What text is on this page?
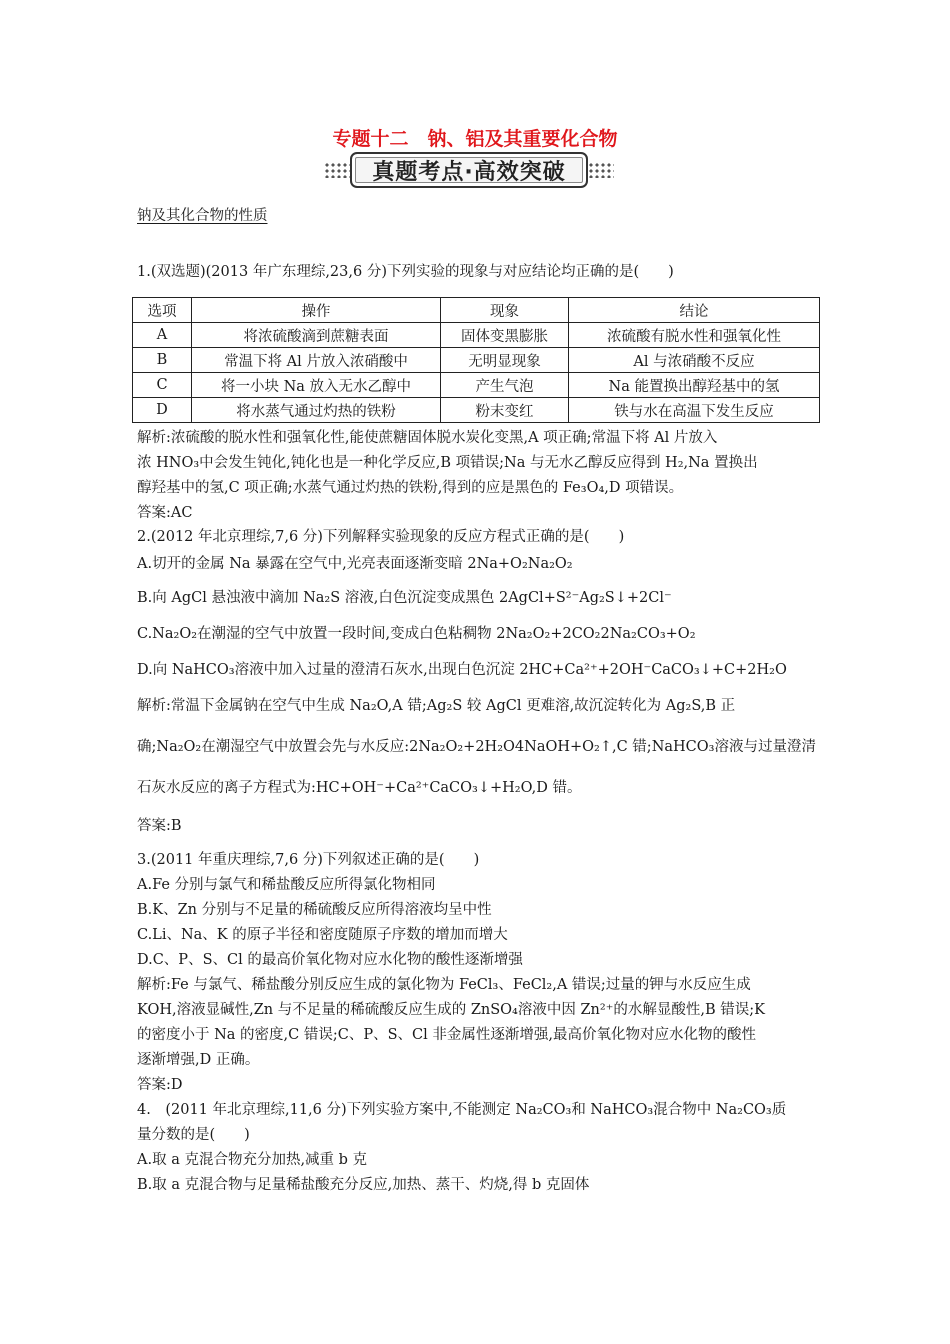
专题十二　钠、铝及其重要化合物
真题考点·高效突破
钠及其化合物的性质
1.(双选题)(2013 年广东理综,23,6 分)下列实验的现象与对应结论均正确的是(　　)
选项	操作	现象	结论
A	将浓硫酸滴到蔗糖表面	固体变黑膨胀	浓硫酸有脱水性和强氧化性
B	常温下将 Al 片放入浓硝酸中	无明显现象	Al 与浓硝酸不反应
C	将一小块 Na 放入无水乙醇中	产生气泡	Na 能置换出醇羟基中的氢
D	将水蒸气通过灼热的铁粉	粉末变红	铁与水在高温下发生反应
解析:浓硫酸的脱水性和强氧化性,能使蔗糖固体脱水炭化变黑,A 项正确;常温下将 Al 片放入
浓 HNO₃中会发生钝化,钝化也是一种化学反应,B 项错误;Na 与无水乙醇反应得到 H₂,Na 置换出
醇羟基中的氢,C 项正确;水蒸气通过灼热的铁粉,得到的应是黑色的 Fe₃O₄,D 项错误。
答案:AC
2.(2012 年北京理综,7,6 分)下列解释实验现象的反应方程式正确的是(　　)
A.切开的金属 Na 暴露在空气中,光亮表面逐渐变暗 2Na+O₂Na₂O₂
B.向 AgCl 悬浊液中滴加 Na₂S 溶液,白色沉淀变成黑色 2AgCl+S²⁻Ag₂S↓+2Cl⁻
C.Na₂O₂在潮湿的空气中放置一段时间,变成白色粘稠物 2Na₂O₂+2CO₂2Na₂CO₃+O₂
D.向 NaHCO₃溶液中加入过量的澄清石灰水,出现白色沉淀 2HC+Ca²⁺+2OH⁻CaCO₃↓+C+2H₂O
解析:常温下金属钠在空气中生成 Na₂O,A 错;Ag₂S 较 AgCl 更难溶,故沉淀转化为 Ag₂S,B 正
确;Na₂O₂在潮湿空气中放置会先与水反应:2Na₂O₂+2H₂O4NaOH+O₂↑,C 错;NaHCO₃溶液与过量澄清
石灰水反应的离子方程式为:HC+OH⁻+Ca²⁺CaCO₃↓+H₂O,D 错。
答案:B
3.(2011 年重庆理综,7,6 分)下列叙述正确的是(　　)
A.Fe 分别与氯气和稀盐酸反应所得氯化物相同
B.K、Zn 分别与不足量的稀硫酸反应所得溶液均呈中性
C.Li、Na、K 的原子半径和密度随原子序数的增加而增大
D.C、P、S、Cl 的最高价氧化物对应水化物的酸性逐渐增强
解析:Fe 与氯气、稀盐酸分别反应生成的氯化物为 FeCl₃、FeCl₂,A 错误;过量的钾与水反应生成
KOH,溶液显碱性,Zn 与不足量的稀硫酸反应生成的 ZnSO₄溶液中因 Zn²⁺的水解显酸性,B 错误;K
的密度小于 Na 的密度,C 错误;C、P、S、Cl 非金属性逐渐增强,最高价氧化物对应水化物的酸性
逐渐增强,D 正确。
答案:D
4.　(2011 年北京理综,11,6 分)下列实验方案中,不能测定 Na₂CO₃和 NaHCO₃混合物中 Na₂CO₃质
量分数的是(　　)
A.取 a 克混合物充分加热,减重 b 克
B.取 a 克混合物与足量稀盐酸充分反应,加热、蒸干、灼烧,得 b 克固体
